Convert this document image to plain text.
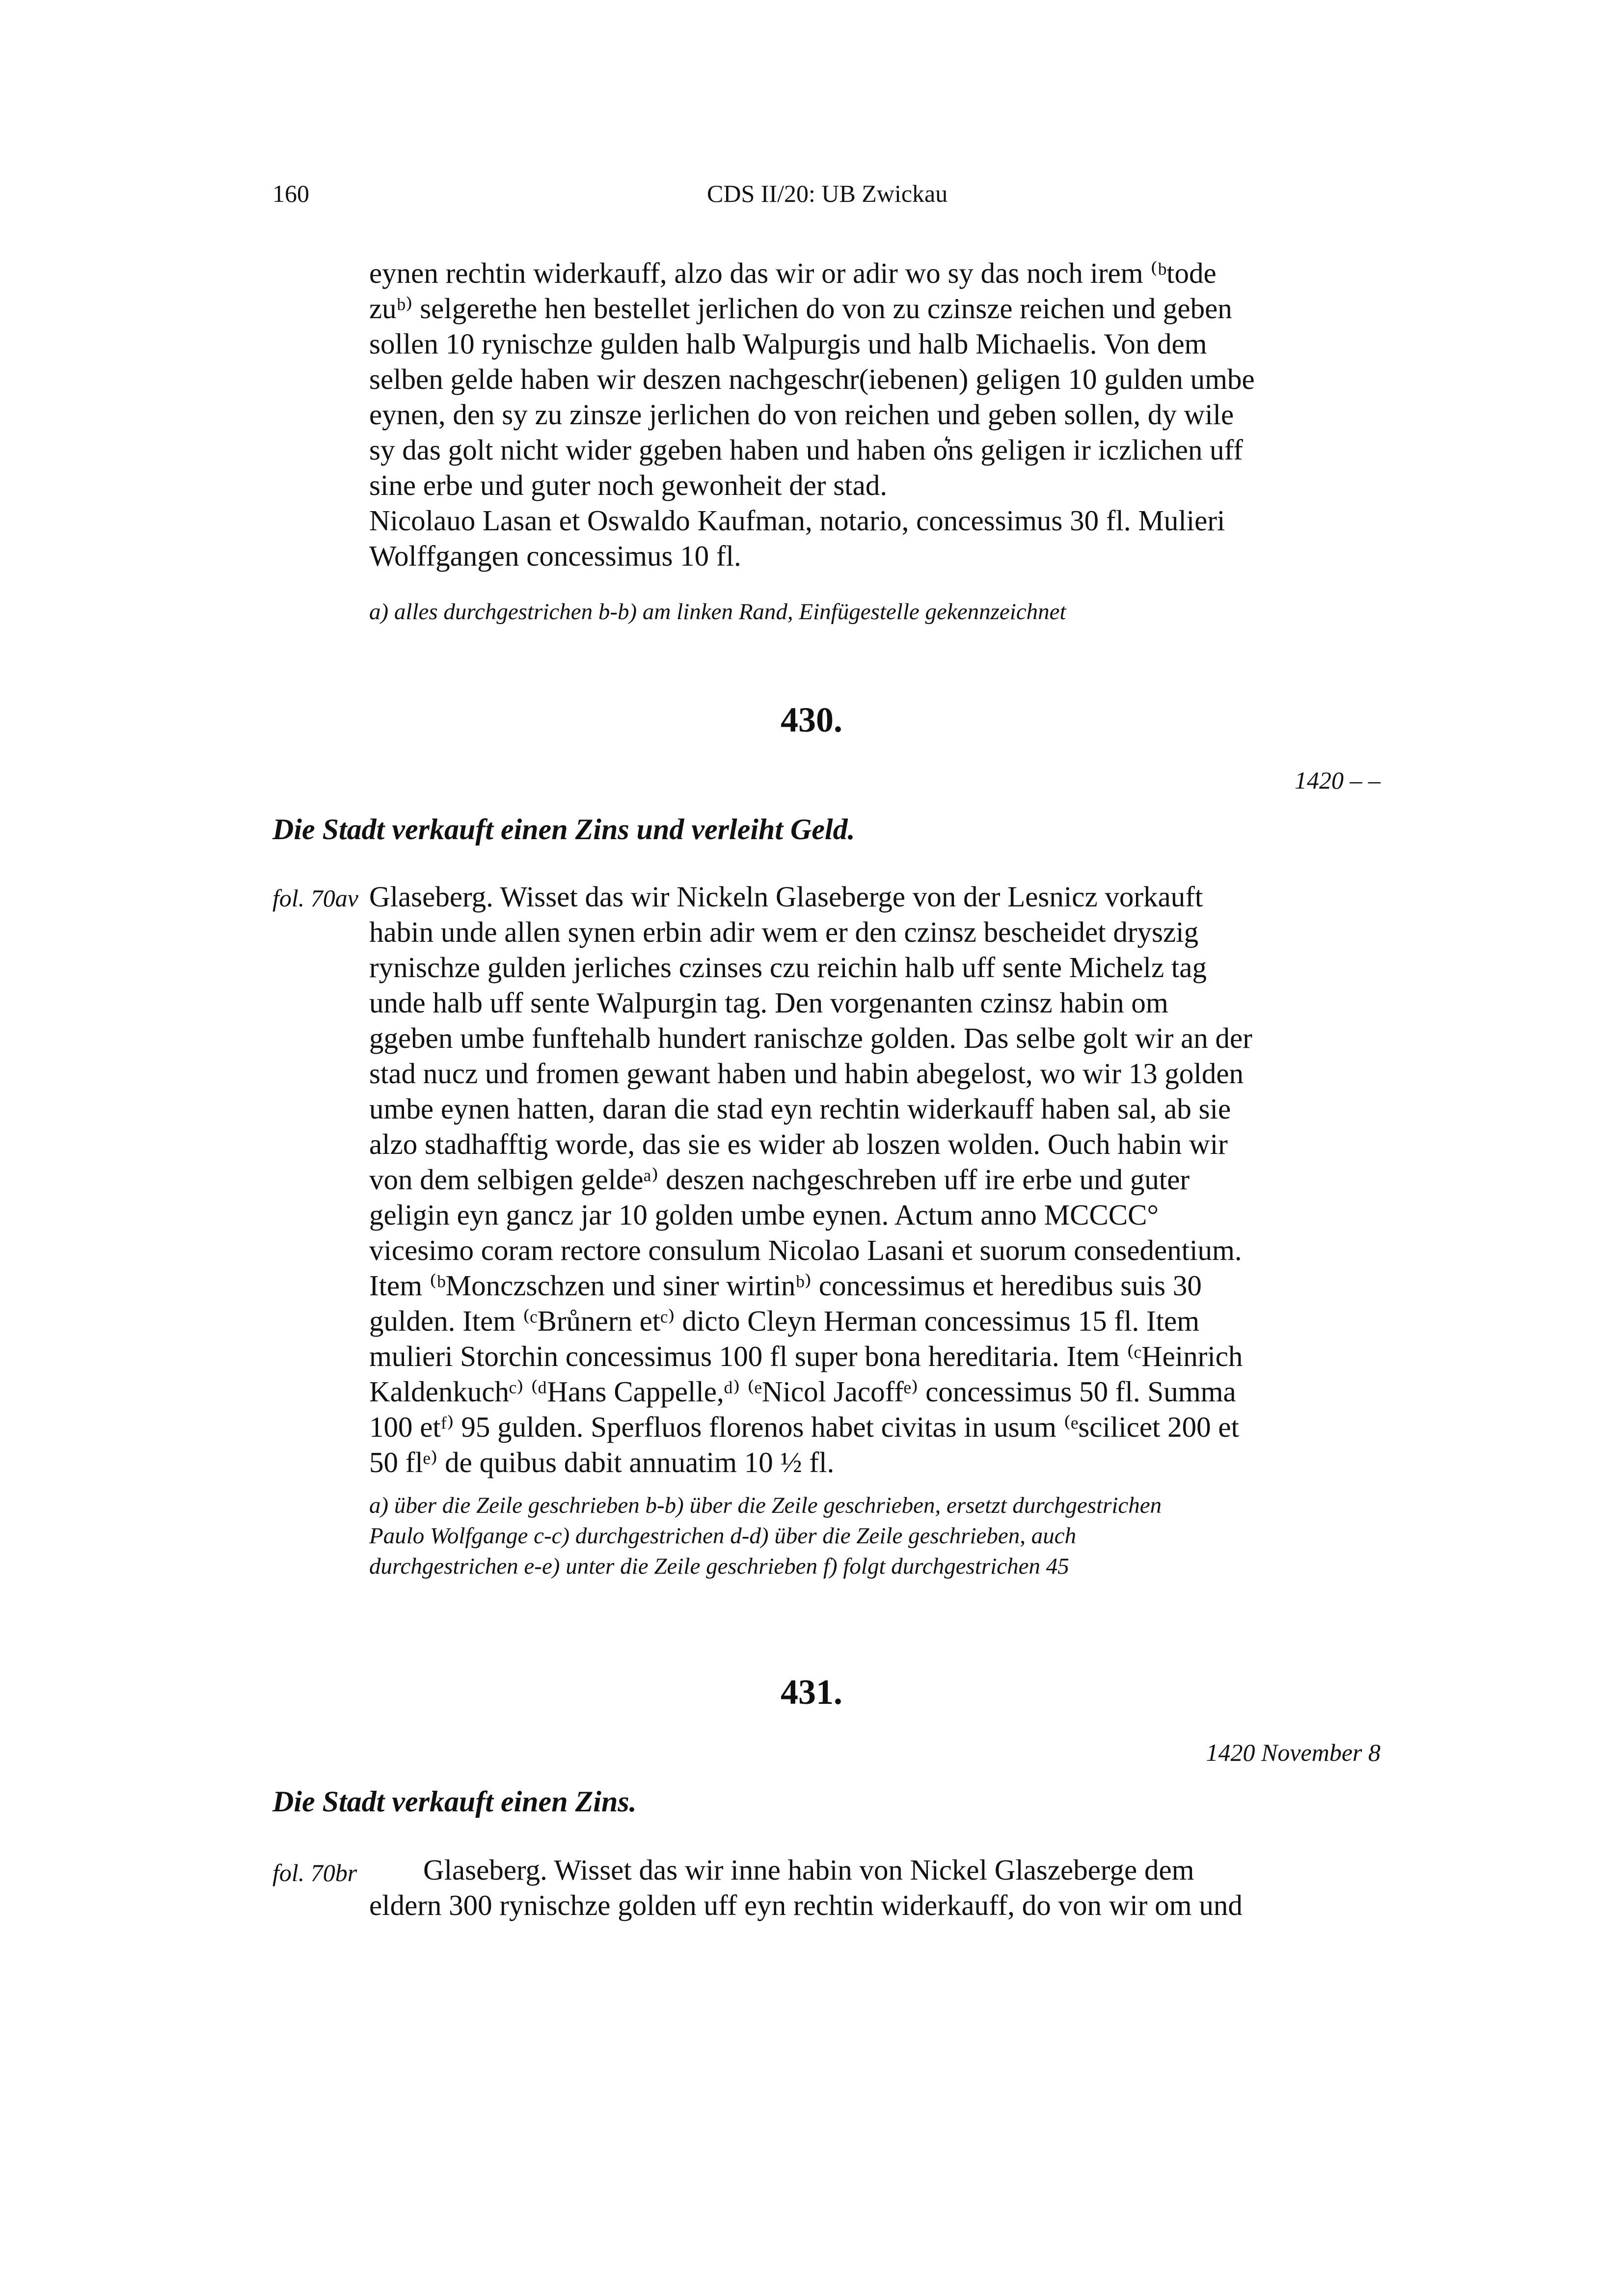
160	CDS II/20: UB Zwickau
eynen rechtin widerkauff, alzo das wir or adir wo sy das noch irem ⁽ᵇtode
zuᵇ⁾ selgerethe hen bestellet jerlichen do von zu czinsze reichen und geben
sollen 10 rynischze gulden halb Walpurgis und halb Michaelis. Von dem
selben gelde haben wir deszen nachgeschr(iebenen) geligen 10 gulden umbe
eynen, den sy zu zinsze jerlichen do von reichen und geben sollen, dy wile
sy das golt nicht wider ggeben haben und haben o͛ns geligen ir iczlichen uff
sine erbe und guter noch gewonheit der stad.
Nicolauo Lasan et Oswaldo Kaufman, notario, concessimus 30 fl. Mulieri
Wolffgangen concessimus 10 fl.
a) alles durchgestrichen b-b) am linken Rand, Einfügestelle gekennzeichnet
430.
1420 – –
Die Stadt verkauft einen Zins und verleiht Geld.
fol. 70av Glaseberg. Wisset das wir Nickeln Glaseberge von der Lesnicz vorkauft
habin unde allen synen erbin adir wem er den czinsz bescheidet dryszig
rynischze gulden jerliches czinses czu reichin halb uff sente Michelz tag
unde halb uff sente Walpurgin tag. Den vorgenanten czinsz habin om
ggeben umbe funftehalb hundert ranischze golden. Das selbe golt wir an der
stad nucz und fromen gewant haben und habin abegelost, wo wir 13 golden
umbe eynen hatten, daran die stad eyn rechtin widerkauff haben sal, ab sie
alzo stadhafftig worde, das sie es wider ab loszen wolden. Ouch habin wir
von dem selbigen geldeᵃ⁾ deszen nachgeschreben uff ire erbe und guter
geligin eyn gancz jar 10 golden umbe eynen. Actum anno MCCCC°
vicesimo coram rectore consulum Nicolao Lasani et suorum consedentium.
Item ⁽ᵇMonczschzen und siner wirtinᵇ⁾ concessimus et heredibus suis 30
gulden. Item ⁽ᶜBrůnern etᶜ⁾ dicto Cleyn Herman concessimus 15 fl. Item
mulieri Storchin concessimus 100 fl super bona hereditaria. Item ⁽ᶜHeinrich
Kaldenkuchᶜ⁾ ⁽ᵈHans Cappelle,ᵈ⁾ ⁽ᵉNicol Jacoffᵉ⁾ concessimus 50 fl. Summa
100 etᶠ⁾ 95 gulden. Sperfluos florenos habet civitas in usum ⁽ᵉscilicet 200 et
50 flᵉ⁾ de quibus dabit annuatim 10 ½ fl.
a) über die Zeile geschrieben b-b) über die Zeile geschrieben, ersetzt durchgestrichen
Paulo Wolfgange c-c) durchgestrichen d-d) über die Zeile geschrieben, auch
durchgestrichen e-e) unter die Zeile geschrieben f) folgt durchgestrichen 45
431.
1420 November 8
Die Stadt verkauft einen Zins.
fol. 70br	Glaseberg. Wisset das wir inne habin von Nickel Glaszeberge dem
eldern 300 rynischze golden uff eyn rechtin widerkauff, do von wir om und
